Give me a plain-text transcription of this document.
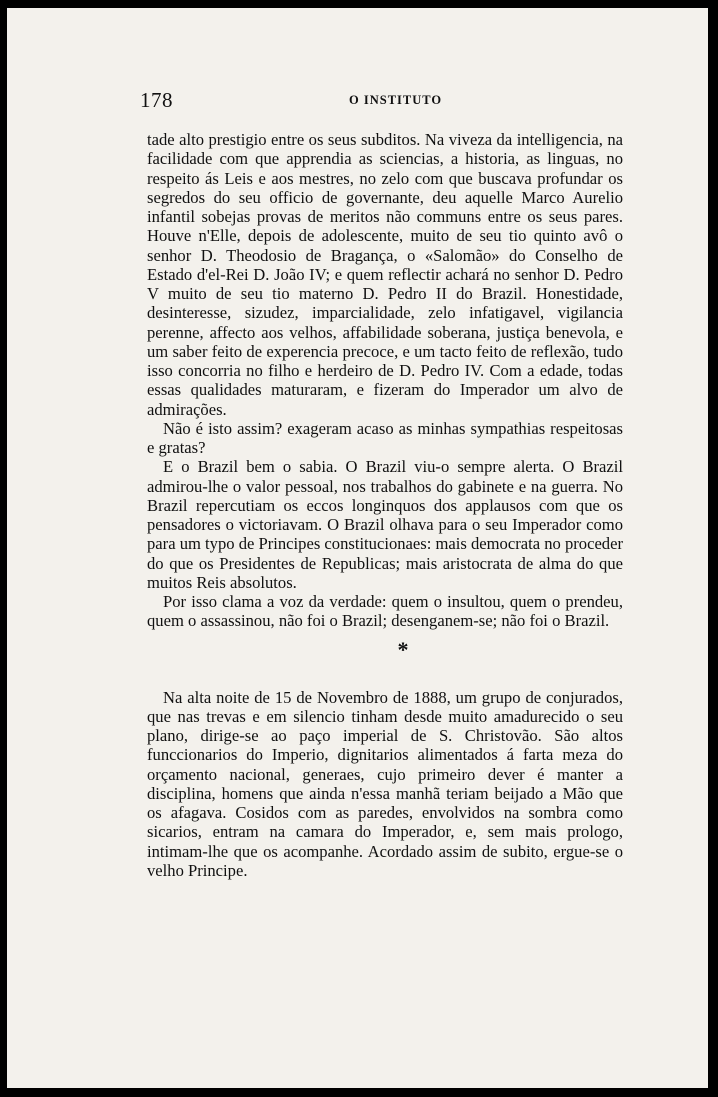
178	O INSTITUTO

tade alto prestigio entre os seus subditos. Na viveza da intelligencia, na facilidade com que apprendia as sciencias, a historia, as linguas, no respeito ás Leis e aos mestres, no zelo com que buscava profundar os segredos do seu officio de governante, deu aquelle Marco Aurelio infantil sobejas provas de meritos não communs entre os seus pares. Houve n'Elle, depois de adolescente, muito de seu tio quinto avô o senhor D. Theodosio de Bragança, o «Salomão» do Conselho de Estado d'el-Rei D. João IV; e quem reflectir achará no senhor D. Pedro V muito de seu tio materno D. Pedro II do Brazil. Honestidade, desinteresse, sizudez, imparcialidade, zelo infatigavel, vigilancia perenne, affecto aos velhos, affabilidade soberana, justiça benevola, e um saber feito de experencia precoce, e um tacto feito de reflexão, tudo isso concorria no filho e herdeiro de D. Pedro IV. Com a edade, todas essas qualidades maturaram, e fizeram do Imperador um alvo de admirações.

Não é isto assim? exageram acaso as minhas sympathias respeitosas e gratas?

E o Brazil bem o sabia. O Brazil viu-o sempre alerta. O Brazil admirou-lhe o valor pessoal, nos trabalhos do gabinete e na guerra. No Brazil repercutiam os eccos longinquos dos applausos com que os pensadores o victoriavam. O Brazil olhava para o seu Imperador como para um typo de Principes constitucionaes: mais democrata no proceder do que os Presidentes de Republicas; mais aristocrata de alma do que muitos Reis absolutos.

Por isso clama a voz da verdade: quem o insultou, quem o prendeu, quem o assassinou, não foi o Brazil; desenganem-se; não foi o Brazil.

*

Na alta noite de 15 de Novembro de 1888, um grupo de conjurados, que nas trevas e em silencio tinham desde muito amadurecido o seu plano, dirige-se ao paço imperial de S. Christovão. São altos funccionarios do Imperio, dignitarios alimentados á farta meza do orçamento nacional, generaes, cujo primeiro dever é manter a disciplina, homens que ainda n'essa manhã teriam beijado a Mão que os afagava. Cosidos com as paredes, envolvidos na sombra como sicarios, entram na camara do Imperador, e, sem mais prologo, intimam-lhe que os acompanhe. Acordado assim de subito, ergue-se o velho Principe.
